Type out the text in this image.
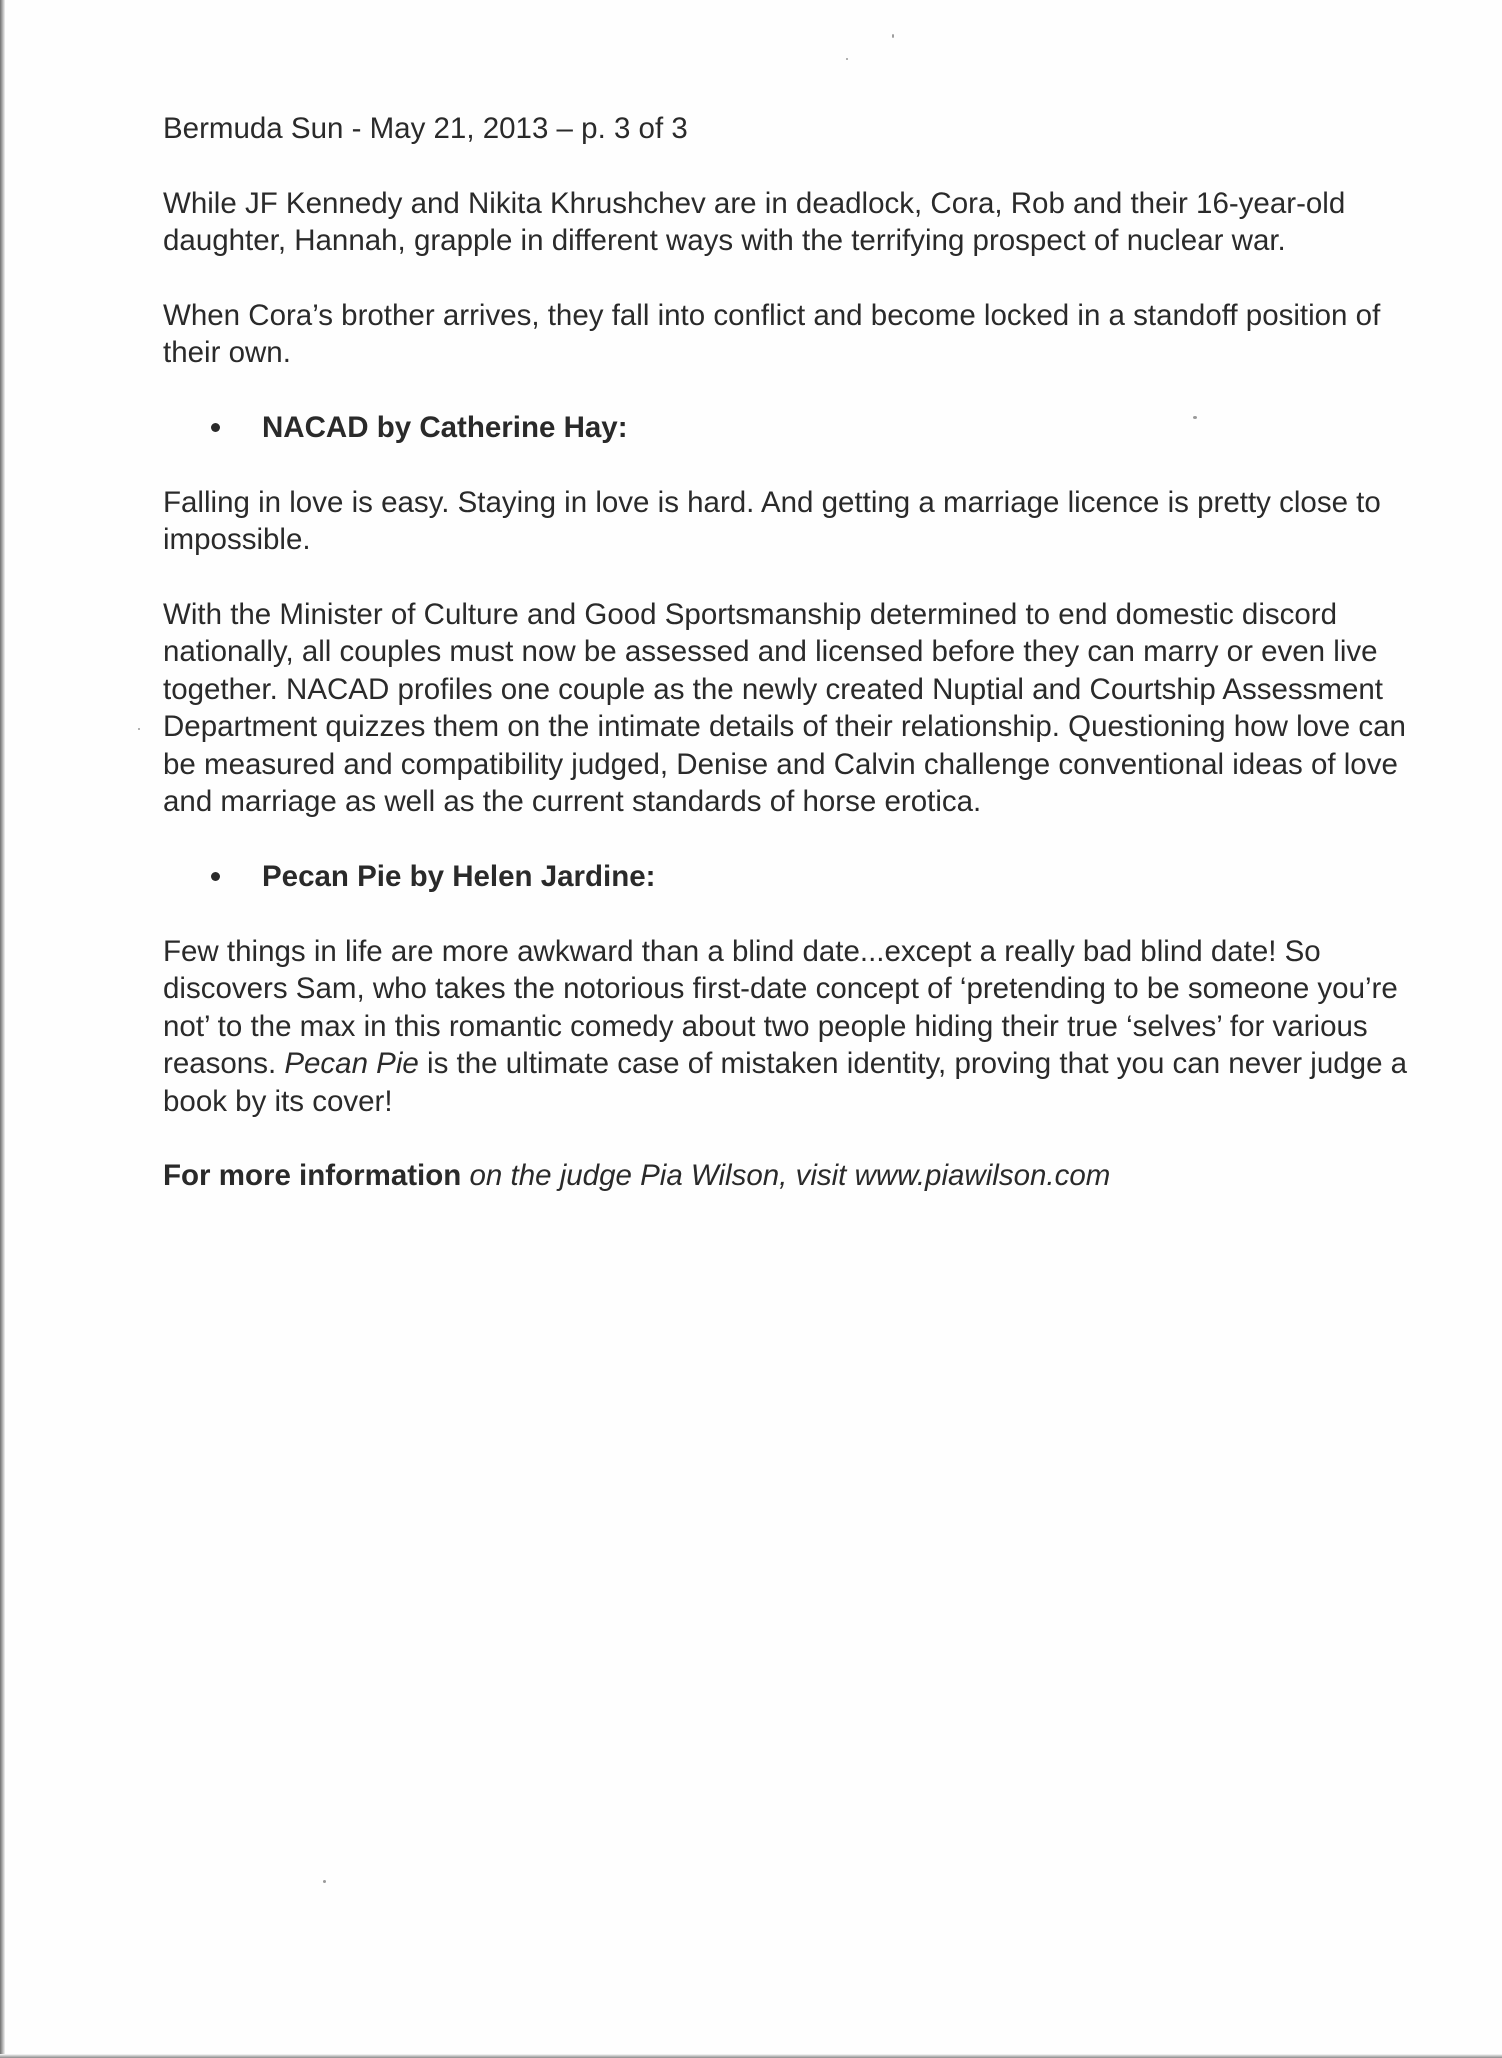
Bermuda Sun - May 21, 2013 – p. 3 of 3

While JF Kennedy and Nikita Khrushchev are in deadlock, Cora, Rob and their 16-year-old daughter, Hannah, grapple in different ways with the terrifying prospect of nuclear war.

When Cora’s brother arrives, they fall into conflict and become locked in a standoff position of their own.

NACAD by Catherine Hay:

Falling in love is easy. Staying in love is hard. And getting a marriage licence is pretty close to impossible.

With the Minister of Culture and Good Sportsmanship determined to end domestic discord nationally, all couples must now be assessed and licensed before they can marry or even live together. NACAD profiles one couple as the newly created Nuptial and Courtship Assessment Department quizzes them on the intimate details of their relationship. Questioning how love can be measured and compatibility judged, Denise and Calvin challenge conventional ideas of love and marriage as well as the current standards of horse erotica.

Pecan Pie by Helen Jardine:

Few things in life are more awkward than a blind date...except a really bad blind date! So discovers Sam, who takes the notorious first-date concept of ‘pretending to be someone you’re not’ to the max in this romantic comedy about two people hiding their true ‘selves’ for various reasons. Pecan Pie is the ultimate case of mistaken identity, proving that you can never judge a book by its cover!

For more information on the judge Pia Wilson, visit www.piawilson.com
